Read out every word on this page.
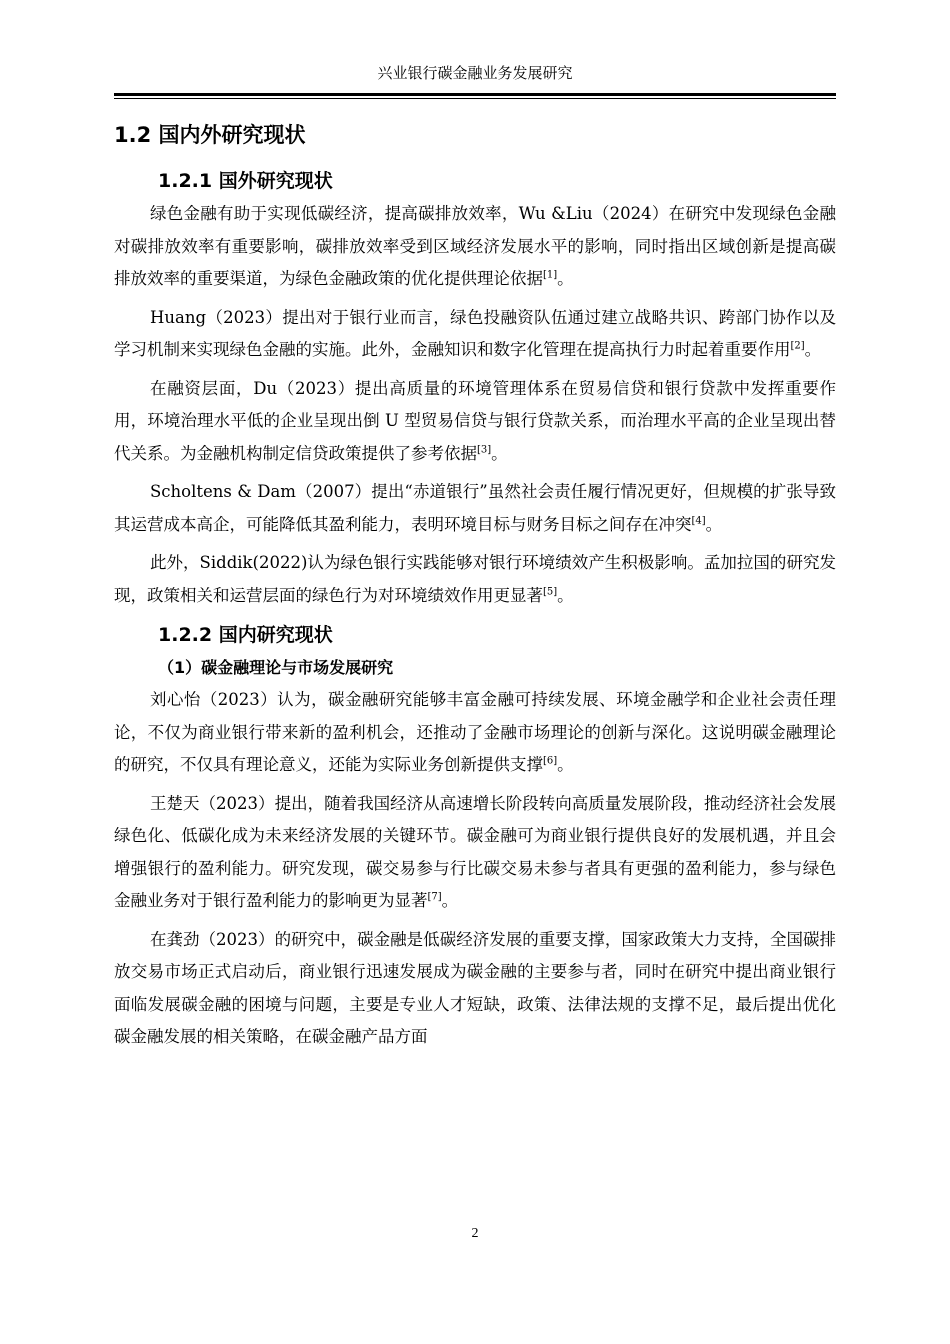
兴业银行碳金融业务发展研究
1.2 国内外研究现状
1.2.1 国外研究现状

绿色金融有助于实现低碳经济，提高碳排放效率，Wu &Liu（2024）在研究中发现绿色金融对碳排放效率有重要影响，碳排放效率受到区域经济发展水平的影响，同时指出区域创新是提高碳排放效率的重要渠道，为绿色金融政策的优化提供理论依据[1]。

Huang（2023）提出对于银行业而言，绿色投融资队伍通过建立战略共识、跨部门协作以及学习机制来实现绿色金融的实施。此外，金融知识和数字化管理在提高执行力时起着重要作用[2]。

在融资层面，Du（2023）提出高质量的环境管理体系在贸易信贷和银行贷款中发挥重要作用，环境治理水平低的企业呈现出倒 U 型贸易信贷与银行贷款关系，而治理水平高的企业呈现出替代关系。为金融机构制定信贷政策提供了参考依据[3]。

Scholtens & Dam（2007）提出“赤道银行”虽然社会责任履行情况更好，但规模的扩张导致其运营成本高企，可能降低其盈利能力，表明环境目标与财务目标之间存在冲突[4]。

此外，Siddik(2022)认为绿色银行实践能够对银行环境绩效产生积极影响。孟加拉国的研究发现，政策相关和运营层面的绿色行为对环境绩效作用更显著[5]。

1.2.2 国内研究现状
（1）碳金融理论与市场发展研究

刘心怡（2023）认为，碳金融研究能够丰富金融可持续发展、环境金融学和企业社会责任理论，不仅为商业银行带来新的盈利机会，还推动了金融市场理论的创新与深化。这说明碳金融理论的研究，不仅具有理论意义，还能为实际业务创新提供支撑[6]。

王楚天（2023）提出，随着我国经济从高速增长阶段转向高质量发展阶段，推动经济社会发展绿色化、低碳化成为未来经济发展的关键环节。碳金融可为商业银行提供良好的发展机遇，并且会增强银行的盈利能力。研究发现，碳交易参与行比碳交易未参与者具有更强的盈利能力，参与绿色金融业务对于银行盈利能力的影响更为显著[7]。

在龚劲（2023）的研究中，碳金融是低碳经济发展的重要支撑，国家政策大力支持，全国碳排放交易市场正式启动后，商业银行迅速发展成为碳金融的主要参与者，同时在研究中提出商业银行面临发展碳金融的困境与问题，主要是专业人才短缺，政策、法律法规的支撑不足，最后提出优化碳金融发展的相关策略，在碳金融产品方面

2
